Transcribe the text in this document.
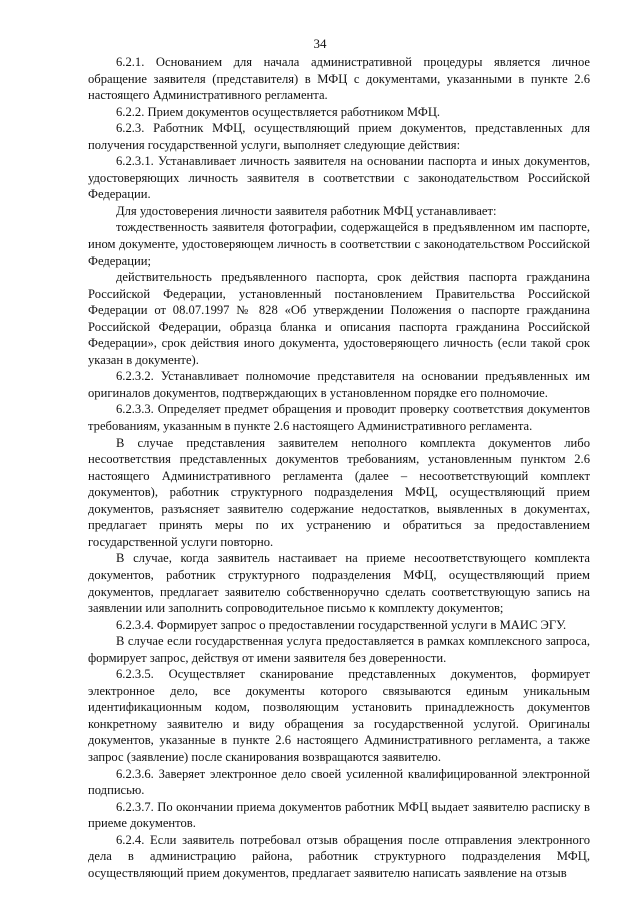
34

6.2.1. Основанием для начала административной процедуры является личное обращение заявителя (представителя) в МФЦ с документами, указанными в пункте 2.6 настоящего Административного регламента.

6.2.2. Прием документов осуществляется работником МФЦ.

6.2.3. Работник МФЦ, осуществляющий прием документов, представленных для получения государственной услуги, выполняет следующие действия:

6.2.3.1. Устанавливает личность заявителя на основании паспорта и иных документов, удостоверяющих личность заявителя в соответствии с законодательством Российской Федерации.

Для удостоверения личности заявителя работник МФЦ устанавливает:

тождественность заявителя фотографии, содержащейся в предъявленном им паспорте, ином документе, удостоверяющем личность в соответствии с законодательством Российской Федерации;

действительность предъявленного паспорта, срок действия паспорта гражданина Российской Федерации, установленный постановлением Правительства Российской Федерации от 08.07.1997 № 828 «Об утверждении Положения о паспорте гражданина Российской Федерации, образца бланка и описания паспорта гражданина Российской Федерации», срок действия иного документа, удостоверяющего личность (если такой срок указан в документе).

6.2.3.2. Устанавливает полномочие представителя на основании предъявленных им оригиналов документов, подтверждающих в установленном порядке его полномочие.

6.2.3.3. Определяет предмет обращения и проводит проверку соответствия документов требованиям, указанным в пункте 2.6 настоящего Административного регламента.

В случае представления заявителем неполного комплекта документов либо несоответствия представленных документов требованиям, установленным пунктом 2.6 настоящего Административного регламента (далее – несоответствующий комплект документов), работник структурного подразделения МФЦ, осуществляющий прием документов, разъясняет заявителю содержание недостатков, выявленных в документах, предлагает принять меры по их устранению и обратиться за предоставлением государственной услуги повторно.

В случае, когда заявитель настаивает на приеме несоответствующего комплекта документов, работник структурного подразделения МФЦ, осуществляющий прием документов, предлагает заявителю собственноручно сделать соответствующую запись на заявлении или заполнить сопроводительное письмо к комплекту документов;

6.2.3.4. Формирует запрос о предоставлении государственной услуги в МАИС ЭГУ.

В случае если государственная услуга предоставляется в рамках комплексного запроса, формирует запрос, действуя от имени заявителя без доверенности.

6.2.3.5. Осуществляет сканирование представленных документов, формирует электронное дело, все документы которого связываются единым уникальным идентификационным кодом, позволяющим установить принадлежность документов конкретному заявителю и виду обращения за государственной услугой. Оригиналы документов, указанные в пункте 2.6 настоящего Административного регламента, а также запрос (заявление) после сканирования возвращаются заявителю.

6.2.3.6. Заверяет электронное дело своей усиленной квалифицированной электронной подписью.

6.2.3.7. По окончании приема документов работник МФЦ выдает заявителю расписку в приеме документов.

6.2.4. Если заявитель потребовал отзыв обращения после отправления электронного дела в администрацию района, работник структурного подразделения МФЦ, осуществляющий прием документов, предлагает заявителю написать заявление на отзыв
